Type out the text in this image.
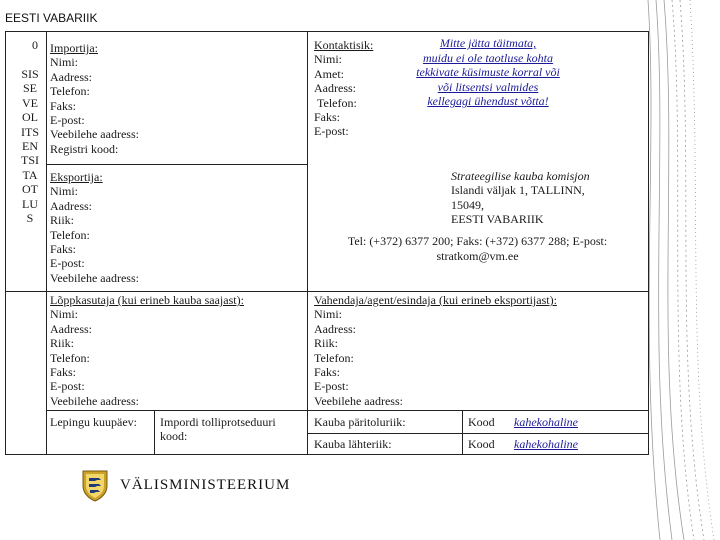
EESTI VABARIIK
0
SIS
SE
VE
OL
ITS
EN
TSI
TA
OT
LU
S
Importija:
Nimi:
Aadress:
Telefon:
Faks:
E-post:
Veebilehe aadress:
Registri kood:
Kontaktisik:
Nimi:
Amet:
Aadress:
Telefon:
Faks:
E-post:
Mitte jätta täitmata,
muidu ei ole taotluse kohta
tekkivate küsimuste korral või
või litsentsi valmides
kellegagi ühendust võtta!
Eksportija:
Nimi:
Aadress:
Riik:
Telefon:
Faks:
E-post:
Veebilehe aadress:
Strateegilise kauba komisjon
Islandi väljak 1, TALLINN,
15049,
EESTI VABARIIK
Tel: (+372) 6377 200; Faks: (+372) 6377 288; E-post: stratkom@vm.ee
Lõppkasutaja (kui erineb kauba saajast):
Nimi:
Aadress:
Riik:
Telefon:
Faks:
E-post:
Veebilehe aadress:
Vahendaja/agent/esindaja (kui erineb eksportijast):
Nimi:
Aadress:
Riik:
Telefon:
Faks:
E-post:
Veebilehe aadress:
Lepingu kuupäev: Impordi tolliprotseduuri kood:
Kauba päritoluriik:	Kood kahekohaline
Kauba lähteriik:	Kood kahekohaline
VÄLISMINISTEERIUM
